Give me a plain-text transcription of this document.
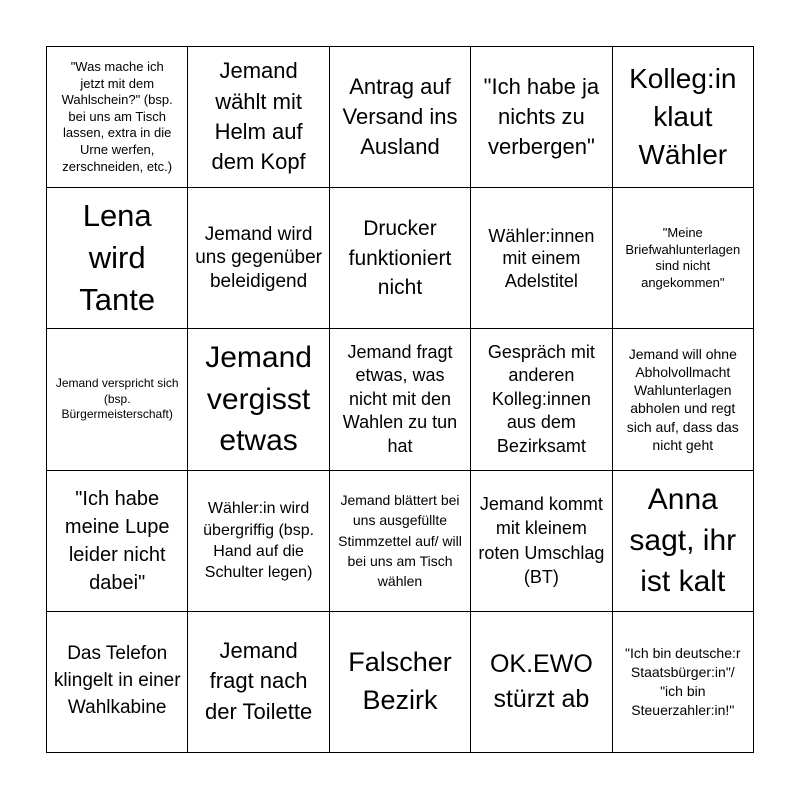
"Was mache ich jetzt mit dem Wahlschein?" (bsp. bei uns am Tisch lassen, extra in die Urne werfen, zerschneiden, etc.)
Jemand wählt mit Helm auf dem Kopf
Antrag auf Versand ins Ausland
"Ich habe ja nichts zu verbergen"
Kolleg:in klaut Wähler
Lena wird Tante
Jemand wird uns gegenüber beleidigend
Drucker funktioniert nicht
Wähler:innen mit einem Adelstitel
"Meine Briefwahlunterlagen sind nicht angekommen"
Jemand verspricht sich (bsp. Bürgermeisterschaft)
Jemand vergisst etwas
Jemand fragt etwas, was nicht mit den Wahlen zu tun hat
Gespräch mit anderen Kolleg:innen aus dem Bezirksamt
Jemand will ohne Abholvollmacht Wahlunterlagen abholen und regt sich auf, dass das nicht geht
"Ich habe meine Lupe leider nicht dabei"
Wähler:in wird übergriffig (bsp. Hand auf die Schulter legen)
Jemand blättert bei uns ausgefüllte Stimmzettel auf/ will bei uns am Tisch wählen
Jemand kommt mit kleinem roten Umschlag (BT)
Anna sagt, ihr ist kalt
Das Telefon klingelt in einer Wahlkabine
Jemand fragt nach der Toilette
Falscher Bezirk
OK.EWO stürzt ab
"Ich bin deutsche:r Staatsbürger:in"/ "ich bin Steuerzahler:in!"
